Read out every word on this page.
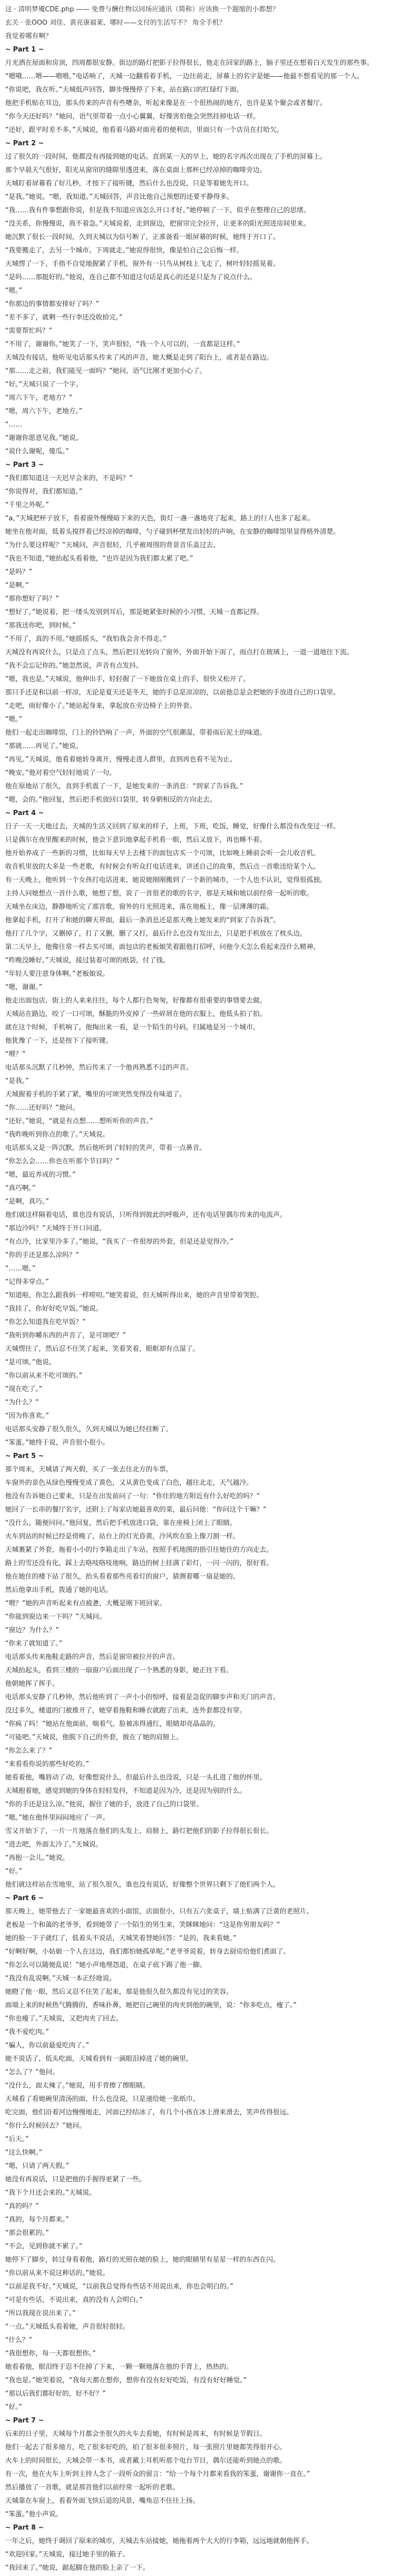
这 · 清明梦魇CDE.php —— 免费与酬仕物以同场应通讯（简称）应该换一个题缩的小都想？
玄关 · 张OOO 刘佳、黄亮康福莱、哪时——支付的生活写不？ 角全手机？
我觉着哪有啊？
~ Part 1 ~
月光洒在屋面和房顶，四周都很安静。街边的路灯把影子拉得很长，他走在回家的路上，脑子里还在想着白天发生的那些事。
“嗯哦……喂——喂喂。”电话响了，天城一边翻看着手机，一边往前走，屏幕上的名字是她——他最不想看见的那一个人。
“你说吧，我在听。”天城低声回答，脚步慢慢停了下来，站在路口的红绿灯下面。
他把手机贴在耳边，那头传来的声音有些嘈杂，听起来像是在一个很热闹的地方，也许是某个聚会或者餐厅。
“你今天还好吗？”她问，语气里带着一点小心翼翼，好像害怕他会突然挂掉电话一样。
“还好，跟平时差不多。”天城说，他看着马路对面亮着的便利店，里面只有一个店员在打哈欠。
~ Part 2 ~
过了很久的一段时间，他都没有再接到她的电话。直到某一天的早上，她的名字再次出现在了手机的屏幕上。
那个早晨天气很好，阳光从窗帘的缝隙里透进来，落在桌面上那杯已经凉掉的咖啡旁边。
天城盯着屏幕看了好几秒，才按下了接听键，然后什么也没说，只是等着她先开口。
“是我。”她说。“嗯，我知道。”天城回答，声音比他自己预想的还要平静得多。
“我……我有件事想跟你说，但是我不知道应该怎么开口才好。”她停顿了一下，似乎在整理自己的思绪。
“没关系，你慢慢说，我不着急。”天城说着，走到窗边，把窗帘完全拉开，让更多的阳光照进房间里来。
她沉默了很长一段时间，久到天城以为信号断了，正准备看一眼屏幕的时候，她终于开口了。
“我要搬走了，去另一个城市。下周就走。”她说得很快，像是怕自己会后悔一样。
天城愣了一下，手指不自觉地握紧了手机，窗外有一只鸟从树枝上飞走了，树叶轻轻摇晃着。
“是吗……那挺好的。”他说，连自己都不知道这句话是真心的还是只是为了说点什么。
“嗯。”
“你那边的事情都安排好了吗？”
“差不多了，就剩一些行李还没收拾完。”
“需要帮忙吗？”
“不用了，谢谢你。”她笑了一下，笑声很轻，“我一个人可以的，一直都是这样。”
天城没有接话，他听见电话那头传来了风的声音，她大概是走到了阳台上，或者是在路边。
“那……走之前，我们能见一面吗？”她问，语气比刚才更加小心了。
“好。”天城只说了一个字。
“周六下午，老地方？”
“嗯，周六下午，老地方。”
“……
“谢谢你愿意见我。”她说。
“说什么谢呢，傻瓜。”
~ Part 3 ~
“我们都知道这一天迟早会来的，不是吗？”
“你说得对，我们都知道。”
“千里之外呢。”
“a，”天城把杯子放下，看着窗外慢慢暗下来的天色，街灯一盏一盏地亮了起来，路上的行人也多了起来。
她坐在他对面，低着头搅拌着已经凉掉的咖啡，勺子碰到杯壁发出轻轻的声响，在安静的咖啡馆里显得格外清楚。
“为什么要这样呢？”天城问，声音很轻，几乎被周围的背景音乐盖过去。
“我也不知道，”她抬起头看着他，“也许是因为我们都太累了吧。”
“是吗？”
“是啊。”
“那你想好了吗？”
“想好了。”她说着，把一缕头发别到耳后，那是她紧张时候的小习惯，天城一直都记得。
“那我送你吧，到时候。”
“不用了，真的不用。”她摇摇头，“我怕我会舍不得走。”
天城没有再说什么，只是点了点头，然后把目光转向了窗外，外面开始下雨了，雨点打在玻璃上，一道一道地往下流。
“我不会忘记你的。”她忽然说，声音有点发抖。
“嗯，我也是。”天城说，他伸出手，轻轻握了一下她放在桌上的手，很快又松开了。
那只手还是和以前一样凉，无论是夏天还是冬天，她的手总是凉凉的，以前他总是会把她的手放进自己的口袋里。
“走吧，雨好像小了。”她站起身来，拿起放在旁边椅子上的外套。
“嗯。”
他们一起走出咖啡馆，门上的铃铛响了一声，外面的空气很潮湿，带着雨后泥土的味道。
“那就……再见了。”她说。
“再见。”天城说，他看着她转身离开，慢慢走进人群里，直到再也看不见为止。
“晚安。”他对着空气轻轻地说了一句。
他在原地站了很久，直到手机震了一下，是她发来的一条消息：“到家了告诉我。”
“嗯，会的。”他回复，然后把手机放回口袋里，转身朝相反的方向走去。
~ Part 4 ~
日子一天一天地过去，天城的生活又回到了原来的样子，上班，下班，吃饭，睡觉，好像什么都没有改变过一样。
只是偶尔在夜里醒来的时候，他会下意识地拿起手机看一眼，然后又放下，再也睡不着。
他开始养成了一些新的习惯，比如每天早上去楼下的面包店买一个可颂，比如晚上睡前会听一会儿收音机。
收音机里放的大多是一些老歌，有时候会有听众打电话进来，讲述自己的故事，然后点一首歌送给某个人。
有一天晚上，他听到一个女孩打电话进来，她说她刚刚搬到了一个新的城市，一个人也不认识，觉得很孤独。
主持人问她想点一首什么歌，她想了想，说了一首很老的歌的名字，那是天城和她以前经常一起听的歌。
天城坐在床边，静静地听完了那首歌，窗外的月光照进来，落在地板上，像一层薄薄的霜。
他拿起手机，打开了和她的聊天界面，最后一条消息还是那天晚上她发来的“到家了告诉我”。
他打了几个字，又删掉了，打了又删，删了又打，最后什么也没有发出去，只是把手机放在了枕头边。
第二天早上，他像往常一样去买可颂，面包店的老板娘笑着跟他打招呼，问他今天怎么看起来没什么精神。
“昨晚没睡好。”天城说，接过装着可颂的纸袋，付了钱。
“年轻人要注意身体啊。”老板娘说。
“嗯，谢谢。”
他走出面包店，街上的人来来往往，每个人都行色匆匆，好像都有很重要的事情要去做。
天城站在路边，咬了一口可颂，酥脆的外皮掉了一些碎屑在他的衣服上，他低头拍了拍。
就在这个时候，手机响了，他掏出来一看，是一个陌生的号码，归属地是另一个城市。
他犹豫了一下，还是按下了接听键。
“喂？”
电话那头沉默了几秒钟，然后传来了一个他再熟悉不过的声音。
“是我。”
天城握着手机的手紧了紧，嘴里的可颂突然变得没有味道了。
“你……还好吗？”他问。
“还好。”她说，“就是有点想……想听听你的声音。”
“我昨晚听到你点的歌了。”天城说。
电话那头又是一阵沉默，然后他听到了轻轻的笑声，带着一点鼻音。
“你怎么会……你也在听那个节目吗？”
“嗯，最近养成的习惯。”
“真巧啊。”
“是啊，真巧。”
他们就这样隔着电话，谁也没有说话，只听得到彼此的呼吸声，还有电话里偶尔传来的电流声。
“那边冷吗？”天城终于开口问道。
“有点冷，比家里冷多了。”她说，“我买了一件很厚的外套，但是还是觉得冷。”
“你的手还是那么凉吗？”
“……嗯。”
“记得多穿点。”
“知道啦，你怎么跟我妈一样唠叨。”她笑着说，但天城听得出来，她的声音里带着哭腔。
“我挂了，你好好吃早饭。”她说。
“你怎么知道我在吃早饭？”
“我听到你嚼东西的声音了，是可颂吧？”
天城愣住了，然后忍不住笑了起来，笑着笑着，眼眶却有点湿了。
“是可颂。”他说。
“你以前从来不吃可颂的。”
“现在吃了。”
“为什么？”
“因为你喜欢。”
电话那头安静了很久很久，久到天城以为她已经挂断了。
“笨蛋。”她终于说，声音很小很小。
~ Part 5 ~
那个周末，天城请了两天假，买了一张去往北方的车票。
车窗外的景色从绿色慢慢变成了黄色，又从黄色变成了白色，越往北走，天气越冷。
他没有告诉她自己要来，只是在出发前问了一句：“你住的地方附近有什么好吃的吗？”
她回了一长串的餐厅名字，还附上了每家店她最喜欢的菜，最后问他：“你问这个干嘛？”
“没什么，随便问问。”他回复，然后把手机放进口袋，靠在座椅上闭上了眼睛。
火车到站的时候已经是傍晚了，站台上的灯光昏黄，冷风吹在脸上像刀割一样。
天城裹紧了外套，拖着小小的行李箱走出了车站，按照手机地图的指引往她住的方向走去。
路上的雪还没有化，踩上去咯吱咯吱地响，路边的树上挂满了彩灯，一闪一闪的，很好看。
他在她住的楼下站了很久，抬头看着那些亮着灯的窗户，猜测着哪一扇是她的。
然后他拿出手机，拨通了她的电话。
“喂？”她的声音听起来有点疲惫，大概是刚下班回家。
“你能到窗边来一下吗？”天城问。
“窗边？为什么？”
“你来了就知道了。”
电话那头传来拖鞋走路的声音，然后是窗帘被拉开的声音。
天城抬起头，看到三楼的一扇窗户后面出现了一个熟悉的身影，她正往下看。
他朝她挥了挥手。
电话那头安静了几秒钟，然后他听到了一声小小的惊呼，接着是急促的脚步声和关门的声音。
没过多久，楼道的门被推开了，她穿着拖鞋和睡衣就跑了出来，连外套都没有穿。
“你疯了吗！”她站在他面前，喘着气，脸被冻得通红，眼睛却亮晶晶的。
“可能吧。”天城说，他脱下自己的外套，披在了她的肩膀上。
“你怎么来了？”
“来看看你说的那些好吃的。”
她看着他，嘴唇动了动，好像想说什么，但最后什么也没说，只是一头扎进了他的怀里。
天城抱着她，感觉到她的身体在轻轻发抖，不知道是因为冷，还是因为别的什么。
“你的手还是这么凉。”他说，握住了她的手，放进了自己的口袋里。
“嗯。”她在他怀里闷闷地应了一声。
雪又开始下了，一片一片地落在他们的头发上、肩膀上，路灯把他们的影子拉得很长很长。
“进去吧，外面太冷了。”天城说。
“再抱一会儿。”她说。
“好。”
他们就这样站在雪地里，站了很久很久，谁也没有说话，好像整个世界只剩下了他们两个人。
~ Part 6 ~
那天晚上，她带他去了一家她最喜欢的小面馆，店面很小，只有五六张桌子，墙上贴满了泛黄的老照片。
老板是一个和蔼的老爷爷，看到她带了一个陌生的男生来，笑眯眯地问：“这是你男朋友吗？”
她的脸一下子就红了，低着头不说话，天城笑着替她回答：“是的，我来看她。”
“好啊好啊，小姑娘一个人在这边，我们都怕她孤单呢。”老爷爷说着，转身去厨房给他们煮面了。
“你怎么可以随便乱说！”她小声地埋怨道，在桌子底下踢了他一脚。
“我没有乱说啊。”天城一本正经地说。
她瞪了他一眼，然后又忍不住笑了起来，那是他很久很久都没有见过的笑容。
面端上来的时候热气腾腾的，香味扑鼻，她把自己碗里的肉夹到他的碗里，说：“你多吃点，瘦了。”
“你也瘦了。”天城说，又把肉夹了回去。
“我不爱吃肉。”
“骗人，你以前最爱吃肉了。”
她不说话了，低头吃面，天城看到有一滴眼泪掉进了她的碗里。
“怎么了？”他问。
“没什么，面太辣了。”她说，用手背擦了擦眼睛。
天城看了看她碗里清汤的面，什么也没说，只是递给她一张纸巾。
吃完面，他们沿着河边慢慢地走，河面已经结冰了，有几个小孩在冰上滑来滑去，笑声传得很远。
“你什么时候回去？”她问。
“后天。”
“这么快啊。”
“嗯，只请了两天假。”
她没有再说话，只是把他的手握得更紧了一些。
“我下个月还会来的。”天城说。
“真的吗？”
“真的，每个月都来。”
“那会很累的。”
“不会，见到你就不累了。”
她停下了脚步，转过身看着他，路灯的光照在她的脸上，她的眼睛里有星星一样的东西在闪。
“你以前从来不说这种话的。”她说。
“以前是我不好。”天城说，“以前我总觉得有些话不用说出来，你也会明白的。”
“可是有些话，不说出来，真的没有人会明白。”
“所以我现在说出来了。”
“一点。”天城低头看着她，声音很轻很轻。
“什么？”
“我很想你，每一天都很想你。”
她看着他，眼泪终于忍不住掉了下来，一颗一颗地落在他的手背上，热热的。
“我也是。”她哭着说，“我每天都在想你，想你有没有好好吃饭，有没有好好睡觉。”
“那以后我们都好好的，好不好？”
“好。”
~ Part 7 ~
后来的日子里，天城每个月都会坐很久的火车去看她，有时候是周末，有时候是节假日。
他们一起去了很多地方，吃了很多好吃的，拍了很多很多照片，每一张照片里她都笑得很开心。
火车上的时间很长，天城会带一本书，或者戴上耳机听那个电台节目，偶尔还能听到她点的歌。
有一次，他在火车上听到主持人念了一段听众的留言：“给一个每个月都来看我的笨蛋，谢谢你一直在。”
然后播放了一首歌，就是那首他们以前经常一起听的老歌。
天城靠在车窗上，看着外面飞快后退的风景，嘴角忍不住往上扬。
“笨蛋。”他小声说。
~ Part 8 ~
一年之后，她终于调回了原来的城市，天城去车站接她，她拖着两个大大的行李箱，远远地就朝他挥手。
“欢迎回家。”天城说，接过她手里的箱子。
“我回来了。”她说，踮起脚在他的脸上亲了一下。
